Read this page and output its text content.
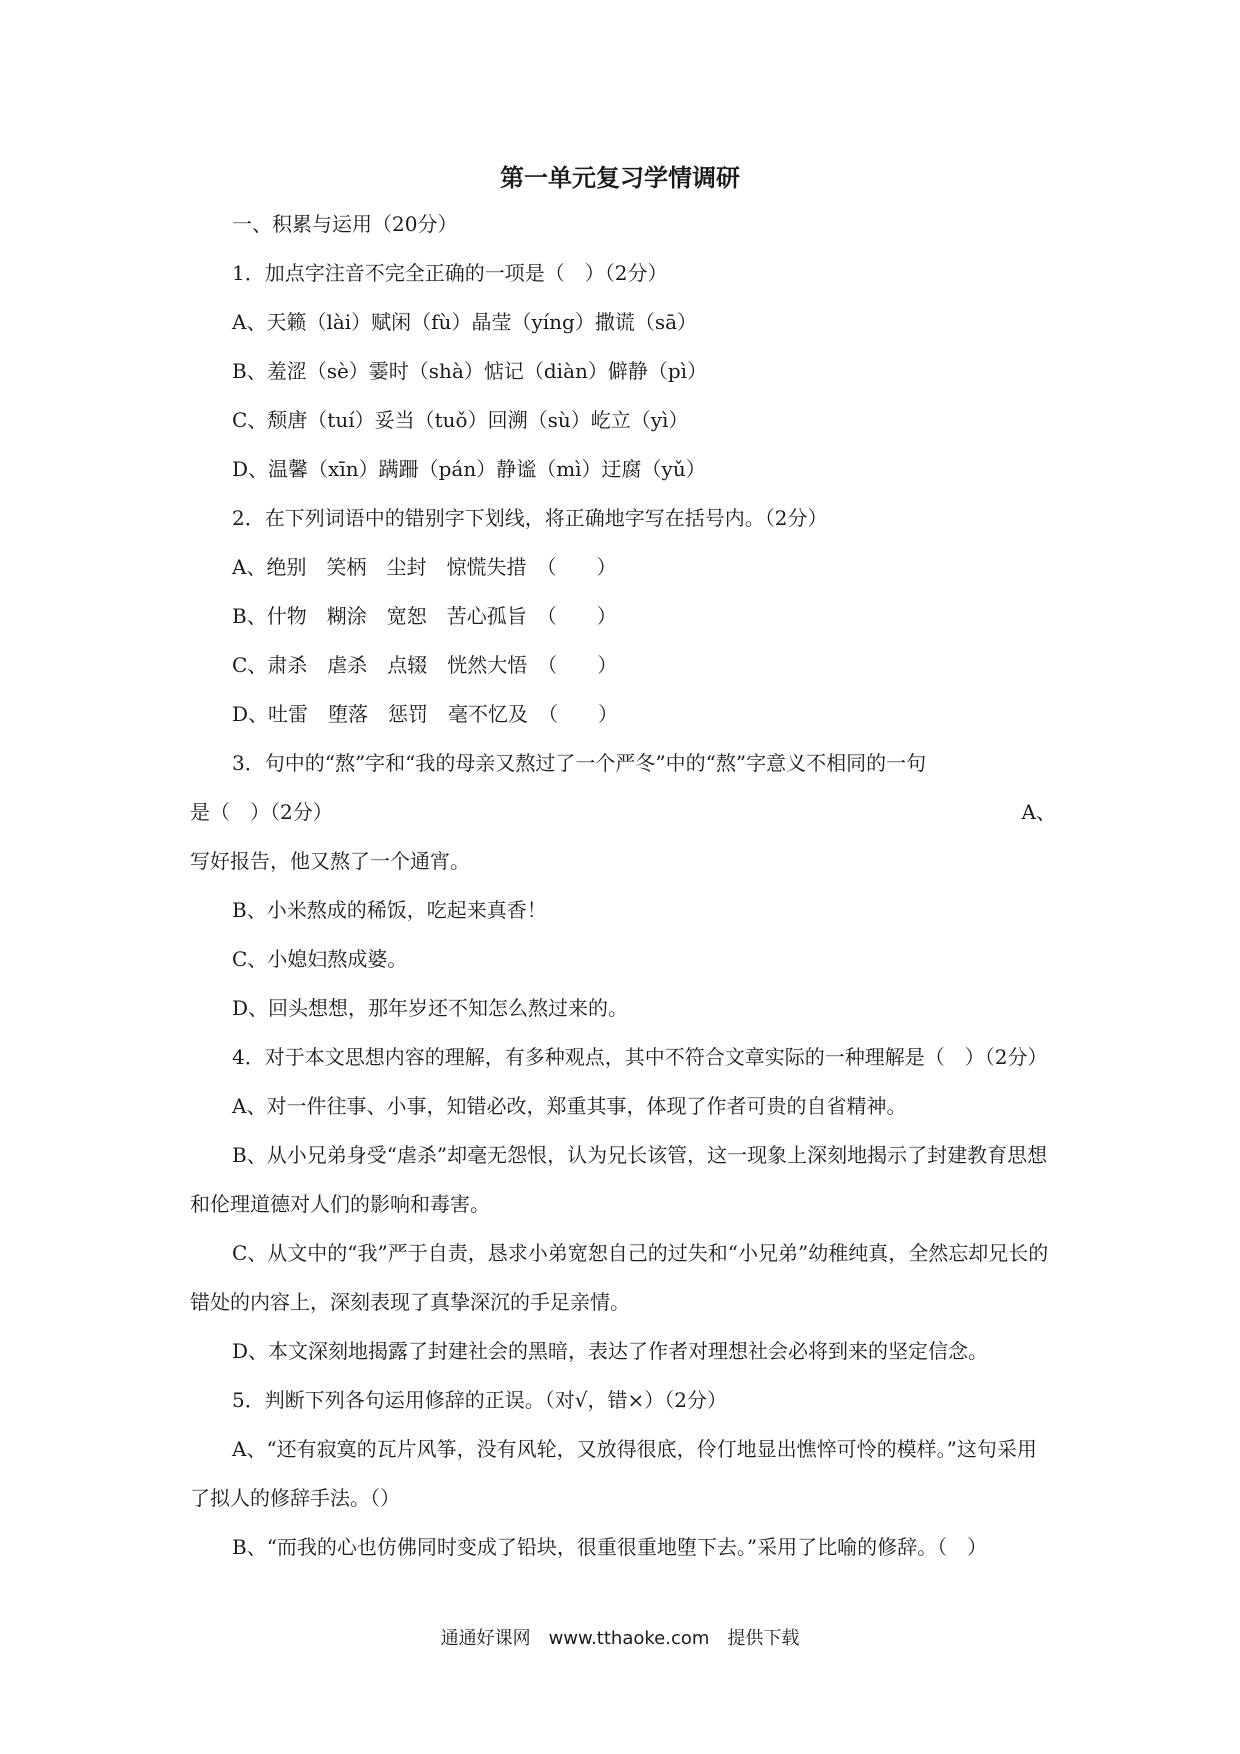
第一单元复习学情调研
一、积累与运用（20分）
1．加点字注音不完全正确的一项是（　）（2分）
A、天籁（lài）赋闲（fù）晶莹（yíng）撒谎（sā）
B、羞涩（sè）霎时（shà）惦记（diàn）僻静（pì）
C、颓唐（tuí）妥当（tuǒ）回溯（sù）屹立（yì）
D、温馨（xīn）蹒跚（pán）静谧（mì）迂腐（yǔ）
2．在下列词语中的错别字下划线，将正确地字写在括号内。（2分）
A、绝别　笑柄　尘封　惊慌失措　（　　）
B、什物　糊涂　宽恕　苦心孤旨　（　　）
C、肃杀　虐杀　点辍　恍然大悟　（　　）
D、吐雷　堕落　惩罚　毫不忆及　（　　）
3．句中的“熬”字和“我的母亲又熬过了一个严冬”中的“熬”字意义不相同的一句
是（　）（2分）	A、
写好报告，他又熬了一个通宵。
B、小米熬成的稀饭，吃起来真香！
C、小媳妇熬成婆。
D、回头想想，那年岁还不知怎么熬过来的。
4．对于本文思想内容的理解，有多种观点，其中不符合文章实际的一种理解是（　）（2分）
A、对一件往事、小事，知错必改，郑重其事，体现了作者可贵的自省精神。
B、从小兄弟身受“虐杀”却毫无怨恨，认为兄长该管，这一现象上深刻地揭示了封建教育思想和伦理道德对人们的影响和毒害。
C、从文中的“我”严于自责，恳求小弟宽恕自己的过失和“小兄弟”幼稚纯真，全然忘却兄长的错处的内容上，深刻表现了真挚深沉的手足亲情。
D、本文深刻地揭露了封建社会的黑暗，表达了作者对理想社会必将到来的坚定信念。
5．判断下列各句运用修辞的正误。（对√，错×）（2分）
A、“还有寂寞的瓦片风筝，没有风轮，又放得很底，伶仃地显出憔悴可怜的模样。”这句采用了拟人的修辞手法。（）
B、“而我的心也仿佛同时变成了铅块，很重很重地堕下去。”采用了比喻的修辞。（　）
通通好课网　www.tthaoke.com　提供下载
